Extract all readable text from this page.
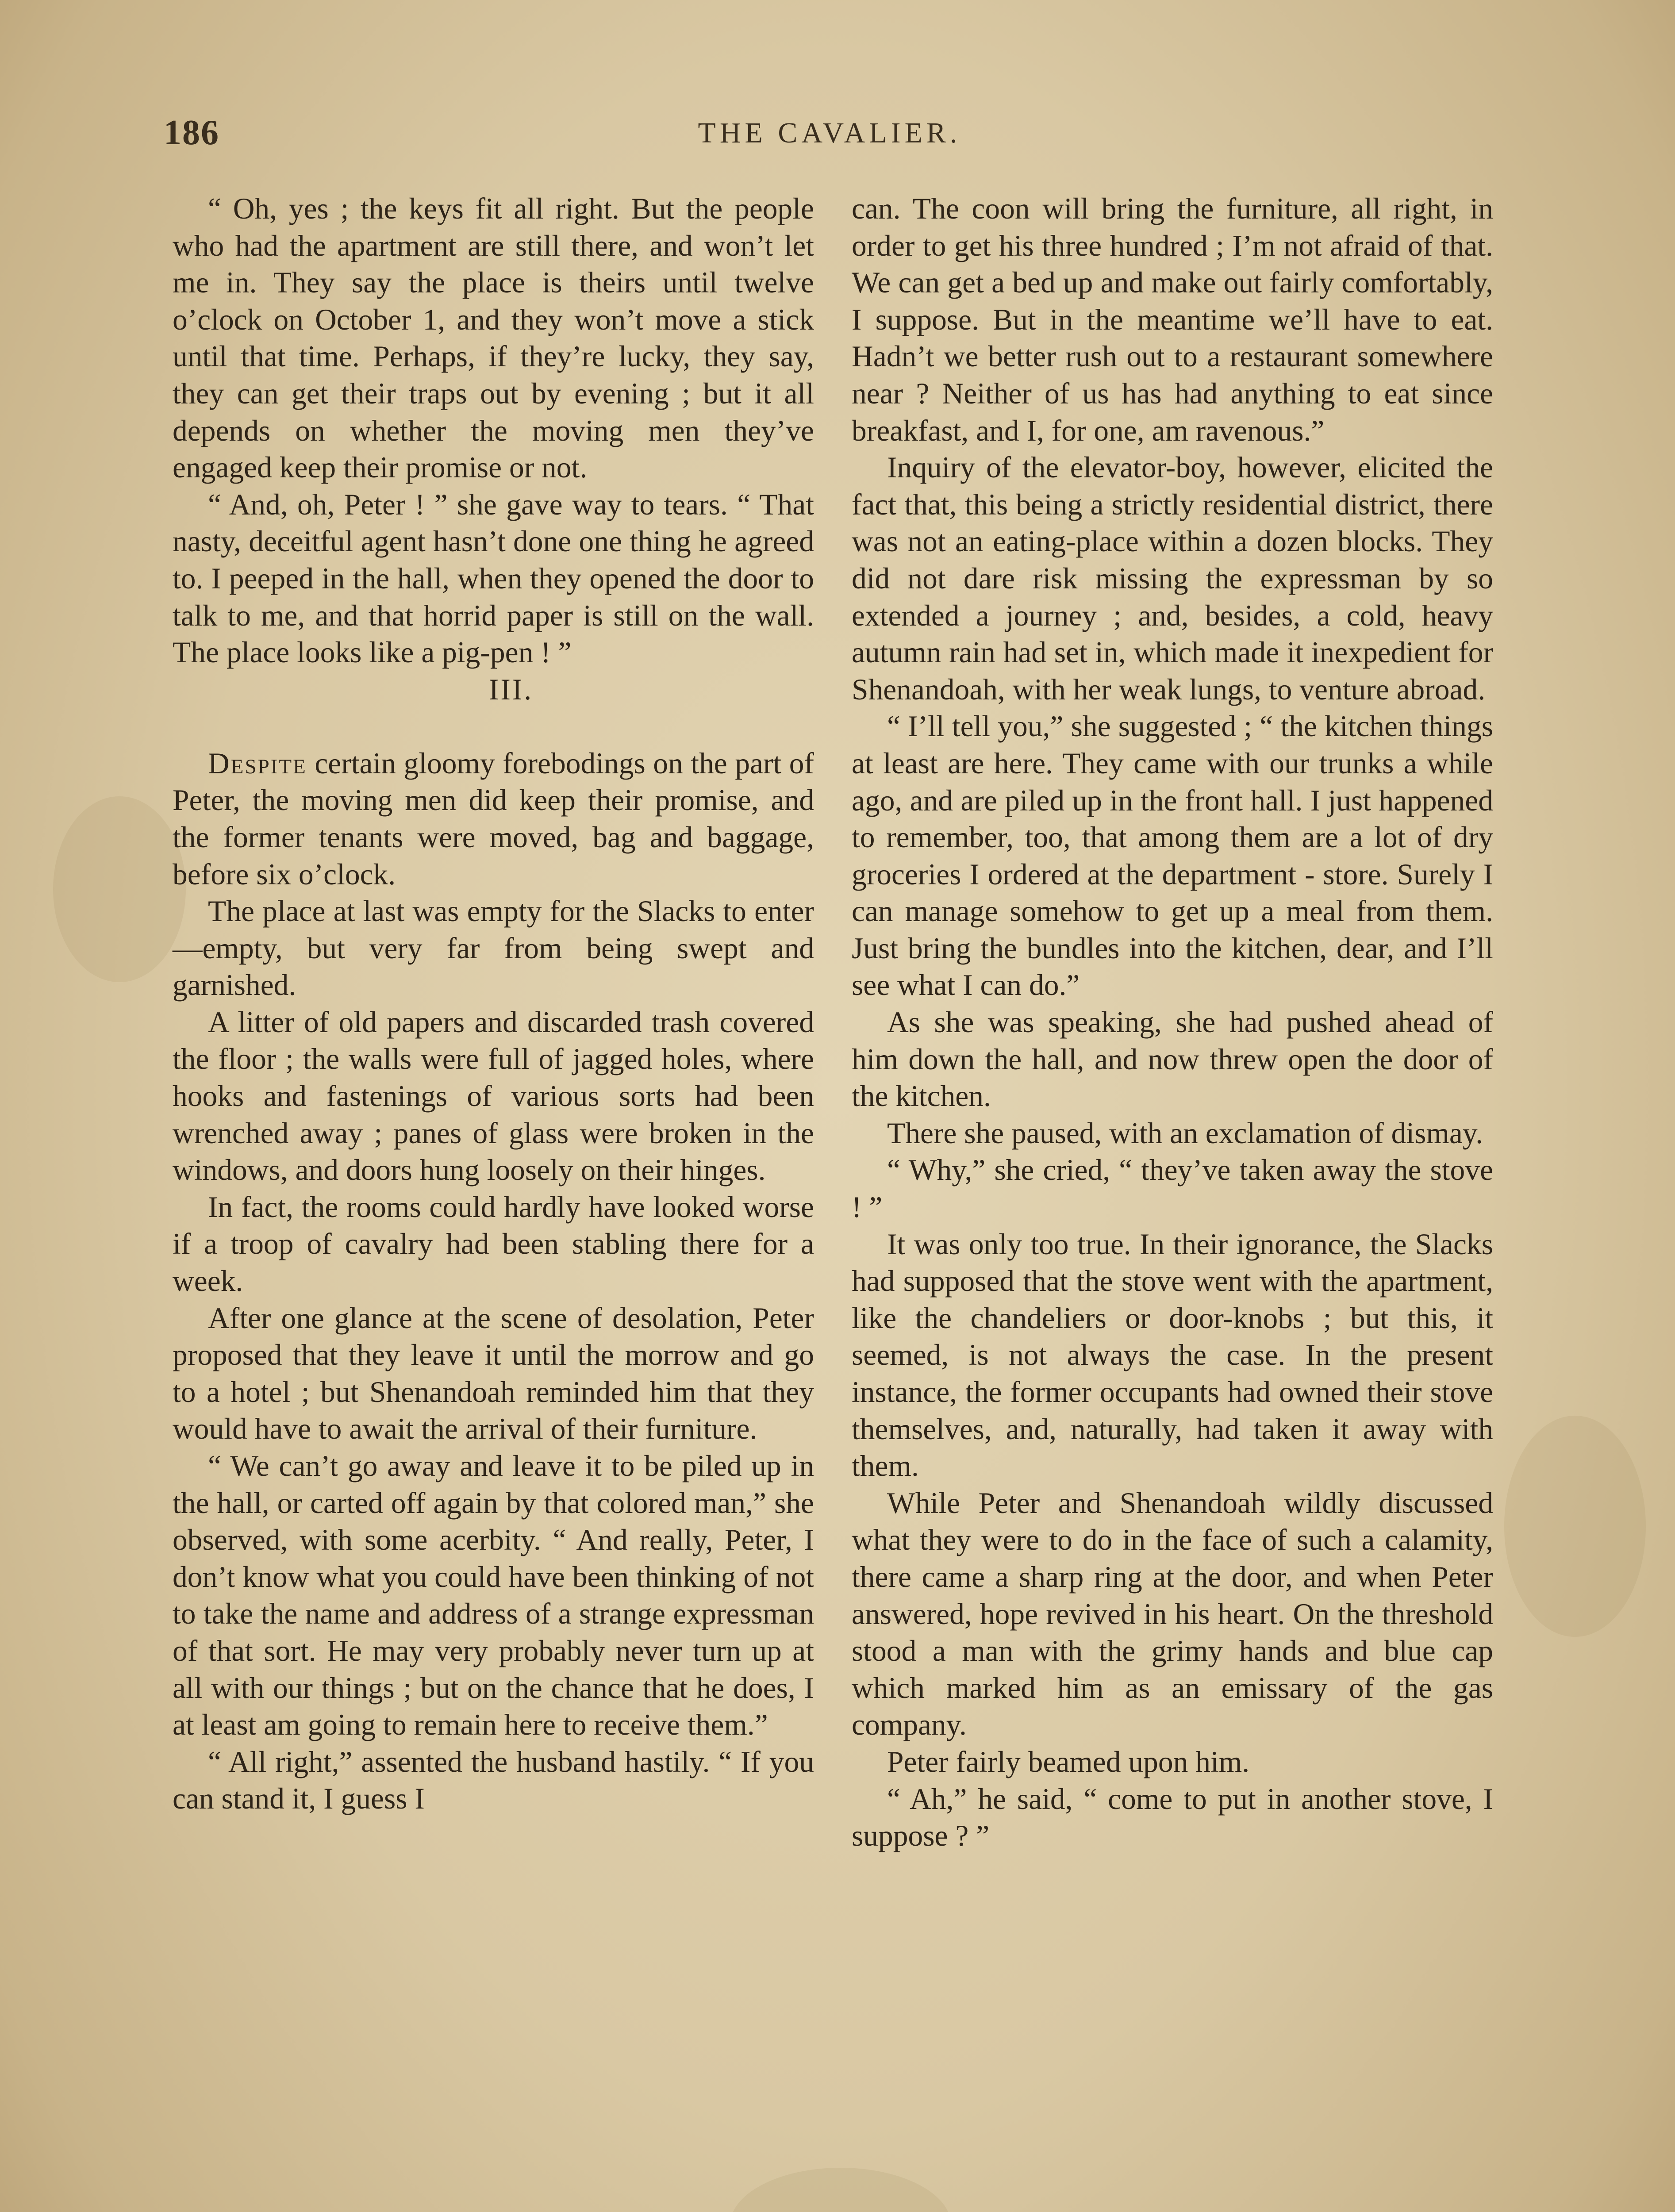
186	THE CAVALIER.

“ Oh, yes ; the keys fit all right. But the people who had the apartment are still there, and won’t let me in. They say the place is theirs until twelve o’clock on October 1, and they won’t move a stick until that time. Perhaps, if they’re lucky, they say, they can get their traps out by evening ; but it all depends on whether the moving men they’ve engaged keep their promise or not.

“ And, oh, Peter ! ” she gave way to tears. “ That nasty, deceitful agent hasn’t done one thing he agreed to. I peeped in the hall, when they opened the door to talk to me, and that horrid paper is still on the wall. The place looks like a pig-pen ! ”

III.

Despite certain gloomy forebodings on the part of Peter, the moving men did keep their promise, and the former tenants were moved, bag and baggage, before six o’clock.

The place at last was empty for the Slacks to enter—empty, but very far from being swept and garnished.

A litter of old papers and discarded trash covered the floor ; the walls were full of jagged holes, where hooks and fastenings of various sorts had been wrenched away ; panes of glass were broken in the windows, and doors hung loosely on their hinges.

In fact, the rooms could hardly have looked worse if a troop of cavalry had been stabling there for a week.

After one glance at the scene of desolation, Peter proposed that they leave it until the morrow and go to a hotel ; but Shenandoah reminded him that they would have to await the arrival of their furniture.

“ We can’t go away and leave it to be piled up in the hall, or carted off again by that colored man,” she observed, with some acerbity. “ And really, Peter, I don’t know what you could have been thinking of not to take the name and address of a strange expressman of that sort. He may very probably never turn up at all with our things ; but on the chance that he does, I at least am going to remain here to receive them.”

“ All right,” assented the husband hastily. “ If you can stand it, I guess I

can. The coon will bring the furniture, all right, in order to get his three hundred ; I’m not afraid of that. We can get a bed up and make out fairly comfortably, I suppose. But in the meantime we’ll have to eat. Hadn’t we better rush out to a restaurant somewhere near ? Neither of us has had anything to eat since breakfast, and I, for one, am ravenous.”

Inquiry of the elevator-boy, however, elicited the fact that, this being a strictly residential district, there was not an eating-place within a dozen blocks. They did not dare risk missing the expressman by so extended a journey ; and, besides, a cold, heavy autumn rain had set in, which made it inexpedient for Shenandoah, with her weak lungs, to venture abroad.

“ I’ll tell you,” she suggested ; “ the kitchen things at least are here. They came with our trunks a while ago, and are piled up in the front hall. I just happened to remember, too, that among them are a lot of dry groceries I ordered at the department - store. Surely I can manage somehow to get up a meal from them. Just bring the bundles into the kitchen, dear, and I’ll see what I can do.”

As she was speaking, she had pushed ahead of him down the hall, and now threw open the door of the kitchen.

There she paused, with an exclamation of dismay.

“ Why,” she cried, “ they’ve taken away the stove ! ”

It was only too true. In their ignorance, the Slacks had supposed that the stove went with the apartment, like the chandeliers or door-knobs ; but this, it seemed, is not always the case. In the present instance, the former occupants had owned their stove themselves, and, naturally, had taken it away with them.

While Peter and Shenandoah wildly discussed what they were to do in the face of such a calamity, there came a sharp ring at the door, and when Peter answered, hope revived in his heart. On the threshold stood a man with the grimy hands and blue cap which marked him as an emissary of the gas company.

Peter fairly beamed upon him.

“ Ah,” he said, “ come to put in another stove, I suppose ? ”
